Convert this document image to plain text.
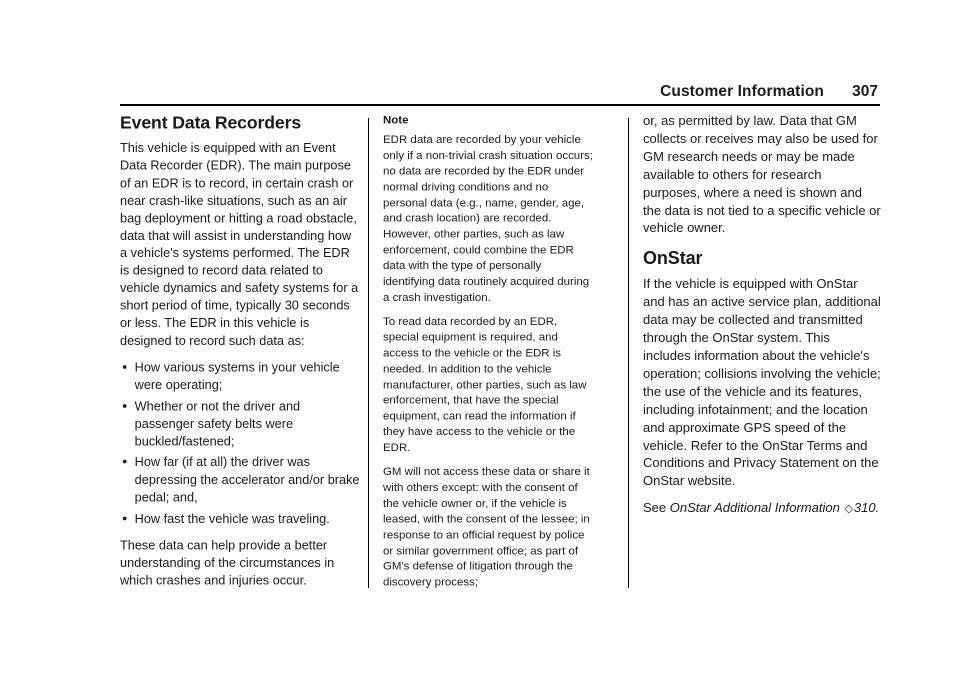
Customer Information 307
Event Data Recorders

This vehicle is equipped with an Event Data Recorder (EDR). The main purpose of an EDR is to record, in certain crash or near crash-like situations, such as an air bag deployment or hitting a road obstacle, data that will assist in understanding how a vehicle's systems performed. The EDR is designed to record data related to vehicle dynamics and safety systems for a short period of time, typically 30 seconds or less. The EDR in this vehicle is designed to record such data as:

● How various systems in your vehicle were operating;
● Whether or not the driver and passenger safety belts were buckled/fastened;
● How far (if at all) the driver was depressing the accelerator and/or brake pedal; and,
● How fast the vehicle was traveling.

These data can help provide a better understanding of the circumstances in which crashes and injuries occur.

Note

EDR data are recorded by your vehicle only if a non-trivial crash situation occurs; no data are recorded by the EDR under normal driving conditions and no personal data (e.g., name, gender, age, and crash location) are recorded. However, other parties, such as law enforcement, could combine the EDR data with the type of personally identifying data routinely acquired during a crash investigation.

To read data recorded by an EDR, special equipment is required, and access to the vehicle or the EDR is needed. In addition to the vehicle manufacturer, other parties, such as law enforcement, that have the special equipment, can read the information if they have access to the vehicle or the EDR.

GM will not access these data or share it with others except: with the consent of the vehicle owner or, if the vehicle is leased, with the consent of the lessee; in response to an official request by police or similar government office; as part of GM's defense of litigation through the discovery process;

or, as permitted by law. Data that GM collects or receives may also be used for GM research needs or may be made available to others for research purposes, where a need is shown and the data is not tied to a specific vehicle or vehicle owner.

OnStar

If the vehicle is equipped with OnStar and has an active service plan, additional data may be collected and transmitted through the OnStar system. This includes information about the vehicle's operation; collisions involving the vehicle; the use of the vehicle and its features, including infotainment; and the location and approximate GPS speed of the vehicle. Refer to the OnStar Terms and Conditions and Privacy Statement on the OnStar website.

See OnStar Additional Information ◇310.
